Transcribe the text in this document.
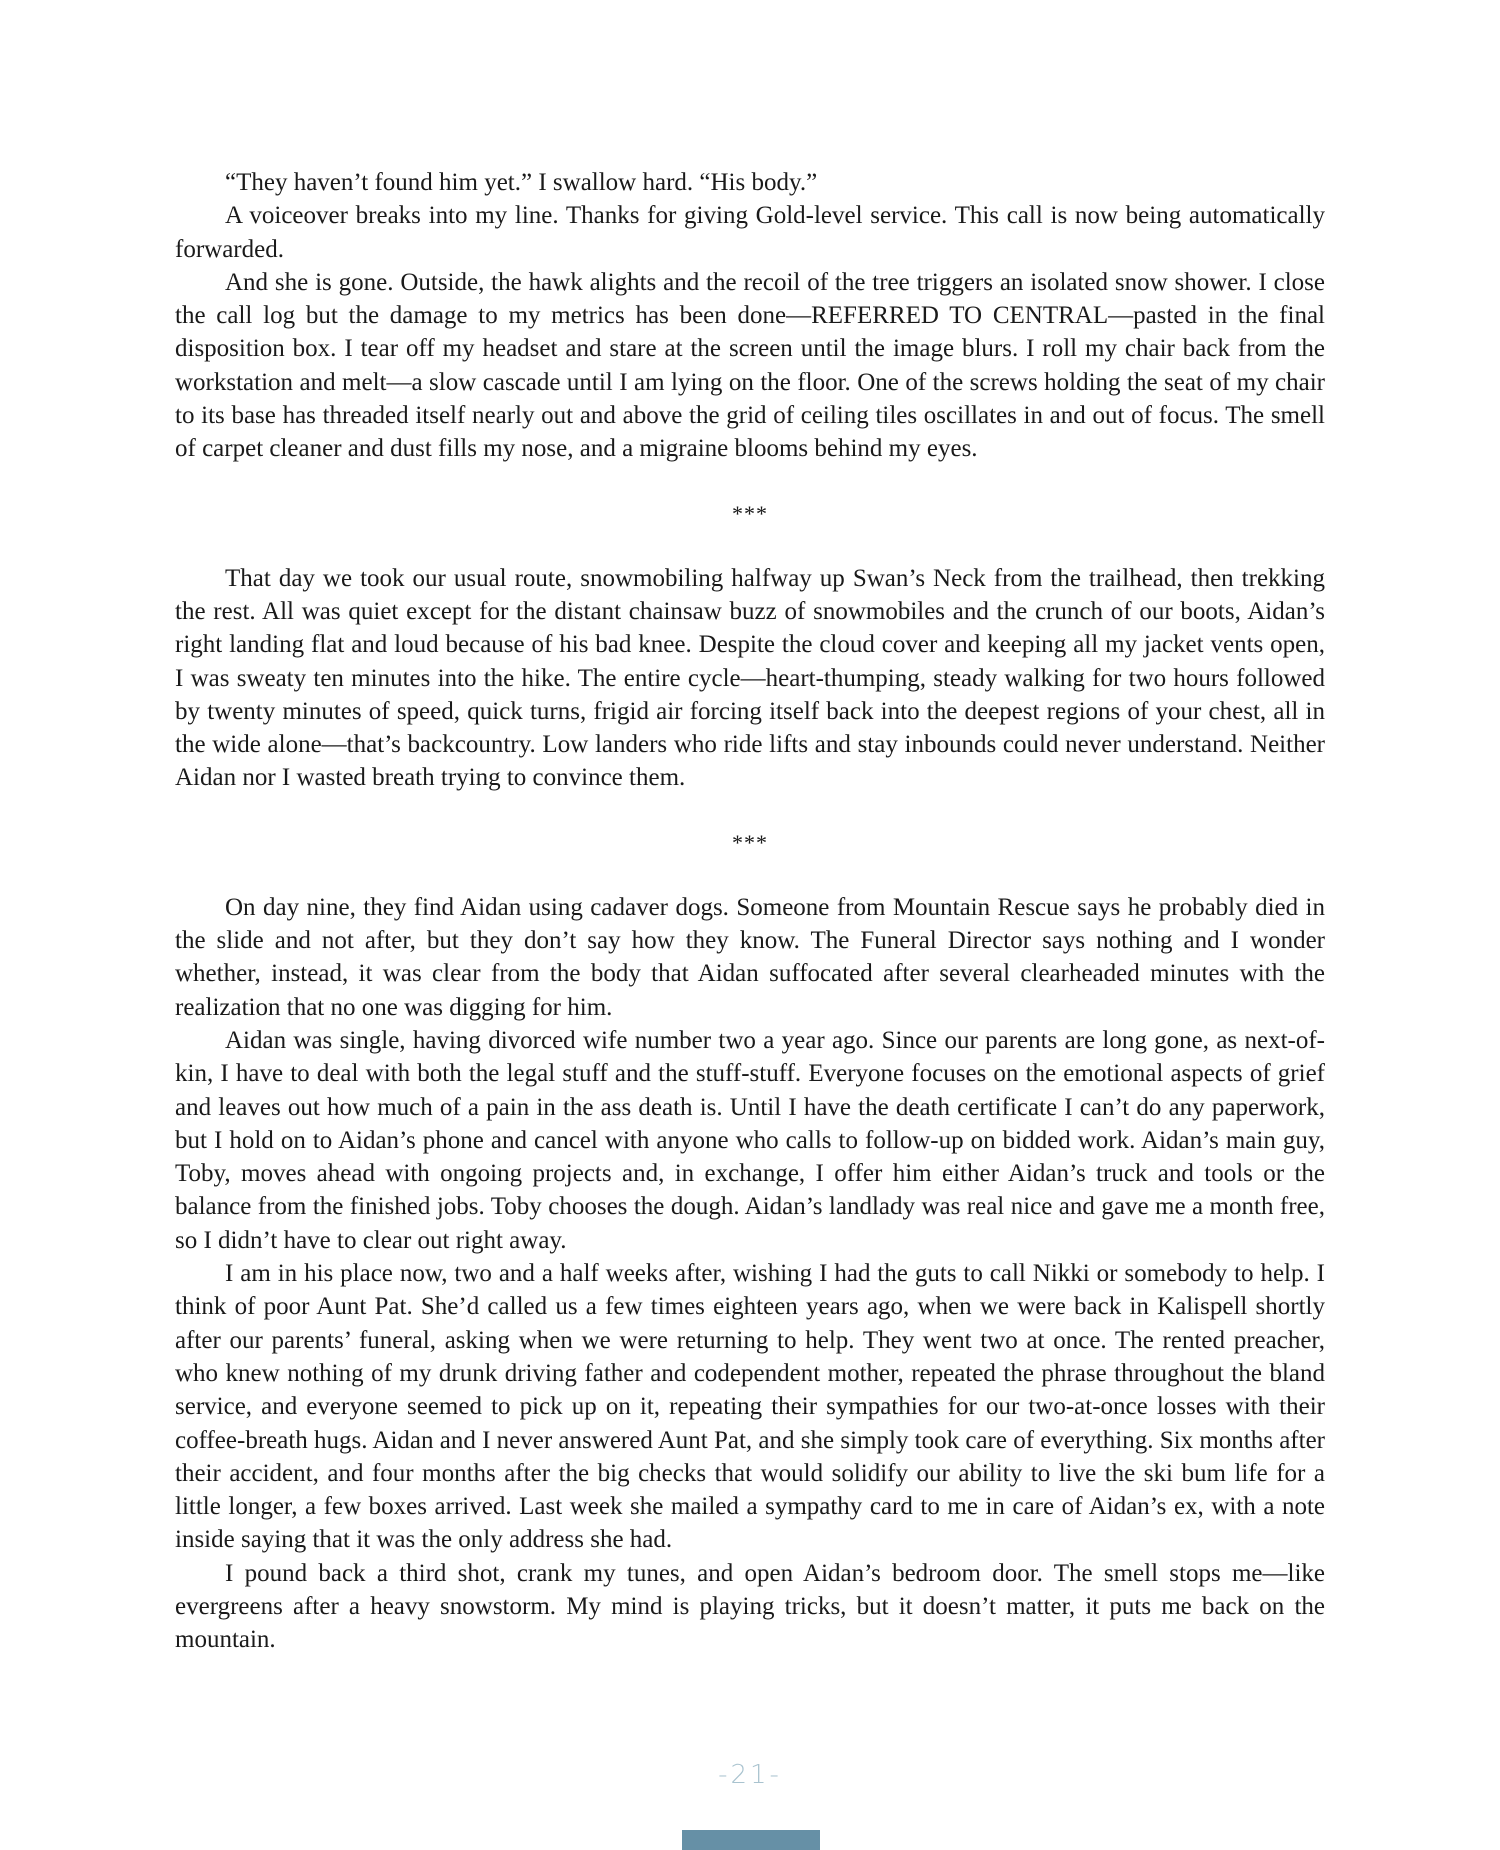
“They haven’t found him yet.” I swallow hard. “His body.”

A voiceover breaks into my line. Thanks for giving Gold-level service. This call is now being automatically forwarded.

And she is gone. Outside, the hawk alights and the recoil of the tree triggers an isolated snow shower. I close the call log but the damage to my metrics has been done—REFERRED TO CENTRAL—pasted in the final disposition box. I tear off my headset and stare at the screen until the image blurs. I roll my chair back from the workstation and melt—a slow cascade until I am lying on the floor. One of the screws holding the seat of my chair to its base has threaded itself nearly out and above the grid of ceiling tiles oscillates in and out of focus. The smell of carpet cleaner and dust fills my nose, and a migraine blooms behind my eyes.

***

That day we took our usual route, snowmobiling halfway up Swan’s Neck from the trailhead, then trekking the rest. All was quiet except for the distant chainsaw buzz of snowmobiles and the crunch of our boots, Aidan’s right landing flat and loud because of his bad knee. Despite the cloud cover and keeping all my jacket vents open, I was sweaty ten minutes into the hike. The entire cycle—heart-thumping, steady walking for two hours followed by twenty minutes of speed, quick turns, frigid air forcing itself back into the deepest regions of your chest, all in the wide alone—that’s backcountry. Low landers who ride lifts and stay inbounds could never understand. Neither Aidan nor I wasted breath trying to convince them.

***

On day nine, they find Aidan using cadaver dogs. Someone from Mountain Rescue says he probably died in the slide and not after, but they don’t say how they know. The Funeral Director says nothing and I wonder whether, instead, it was clear from the body that Aidan suffocated after several clearheaded minutes with the realization that no one was digging for him.

Aidan was single, having divorced wife number two a year ago. Since our parents are long gone, as next-of-kin, I have to deal with both the legal stuff and the stuff-stuff. Everyone focuses on the emotional aspects of grief and leaves out how much of a pain in the ass death is. Until I have the death certificate I can’t do any paperwork, but I hold on to Aidan’s phone and cancel with anyone who calls to follow-up on bidded work. Aidan’s main guy, Toby, moves ahead with ongoing projects and, in exchange, I offer him either Aidan’s truck and tools or the balance from the finished jobs. Toby chooses the dough. Aidan’s landlady was real nice and gave me a month free, so I didn’t have to clear out right away.

I am in his place now, two and a half weeks after, wishing I had the guts to call Nikki or somebody to help. I think of poor Aunt Pat. She’d called us a few times eighteen years ago, when we were back in Kalispell shortly after our parents’ funeral, asking when we were returning to help. They went two at once. The rented preacher, who knew nothing of my drunk driving father and codependent mother, repeated the phrase throughout the bland service, and everyone seemed to pick up on it, repeating their sympathies for our two-at-once losses with their coffee-breath hugs. Aidan and I never answered Aunt Pat, and she simply took care of everything. Six months after their accident, and four months after the big checks that would solidify our ability to live the ski bum life for a little longer, a few boxes arrived. Last week she mailed a sympathy card to me in care of Aidan’s ex, with a note inside saying that it was the only address she had.

I pound back a third shot, crank my tunes, and open Aidan’s bedroom door. The smell stops me—like evergreens after a heavy snowstorm. My mind is playing tricks, but it doesn’t matter, it puts me back on the mountain.

-21-
